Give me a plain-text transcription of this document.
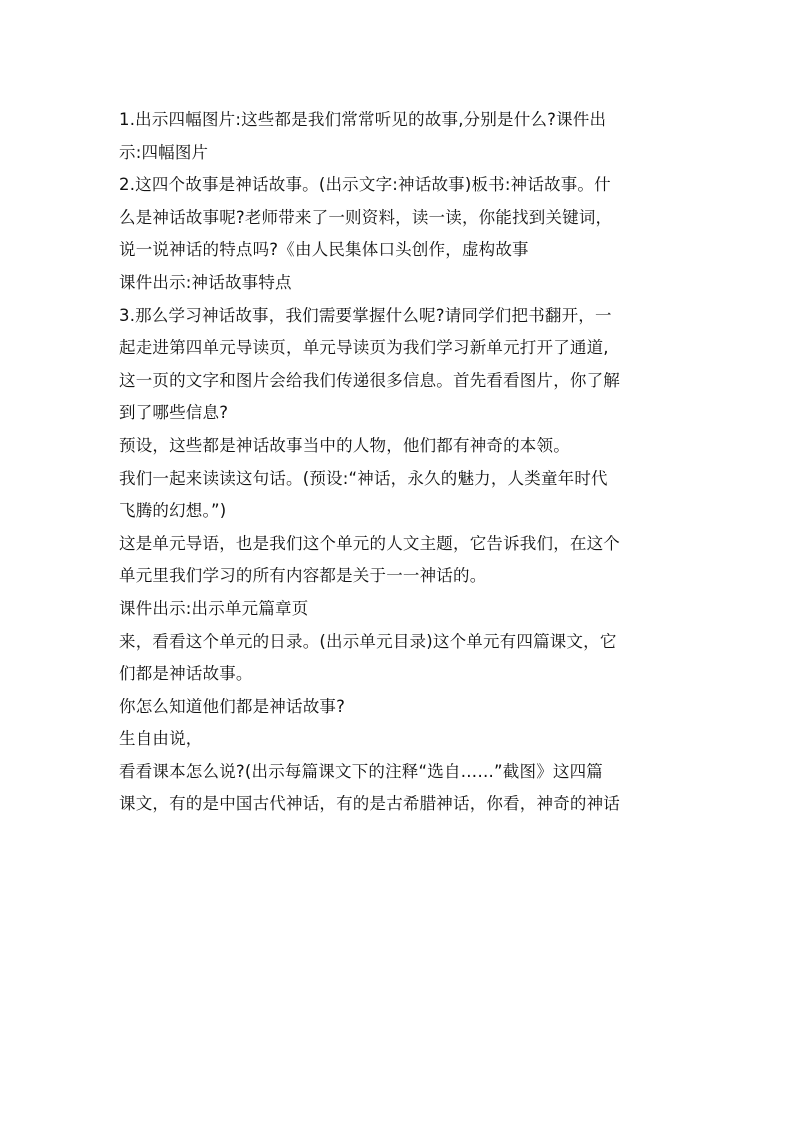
1.出示四幅图片:这些都是我们常常听见的故事,分别是什么?课件出
示:四幅图片
2.这四个故事是神话故事。(出示文字:神话故事)板书:神话故事。什
么是神话故事呢?老师带来了一则资料，读一读，你能找到关键词，
说一说神话的特点吗?《由人民集体口头创作，虚构故事
课件出示:神话故事特点
3.那么学习神话故事，我们需要掌握什么呢?请同学们把书翻开，一
起走进第四单元导读页，单元导读页为我们学习新单元打开了通道,
这一页的文字和图片会给我们传递很多信息。首先看看图片，你了解
到了哪些信息?
预设，这些都是神话故事当中的人物，他们都有神奇的本领。
我们一起来读读这句话。(预设:“神话，永久的魅力，人类童年时代
飞腾的幻想。”)
这是单元导语，也是我们这个单元的人文主题，它告诉我们，在这个
单元里我们学习的所有内容都是关于一一神话的。
课件出示:出示单元篇章页
来，看看这个单元的日录。(出示单元目录)这个单元有四篇课文，它
们都是神话故事。
你怎么知道他们都是神话故事?
生自由说，
看看课本怎么说?(出示每篇课文下的注释“选自……”截图》这四篇
课文，有的是中国古代神话，有的是古希腊神话，你看，神奇的神话
